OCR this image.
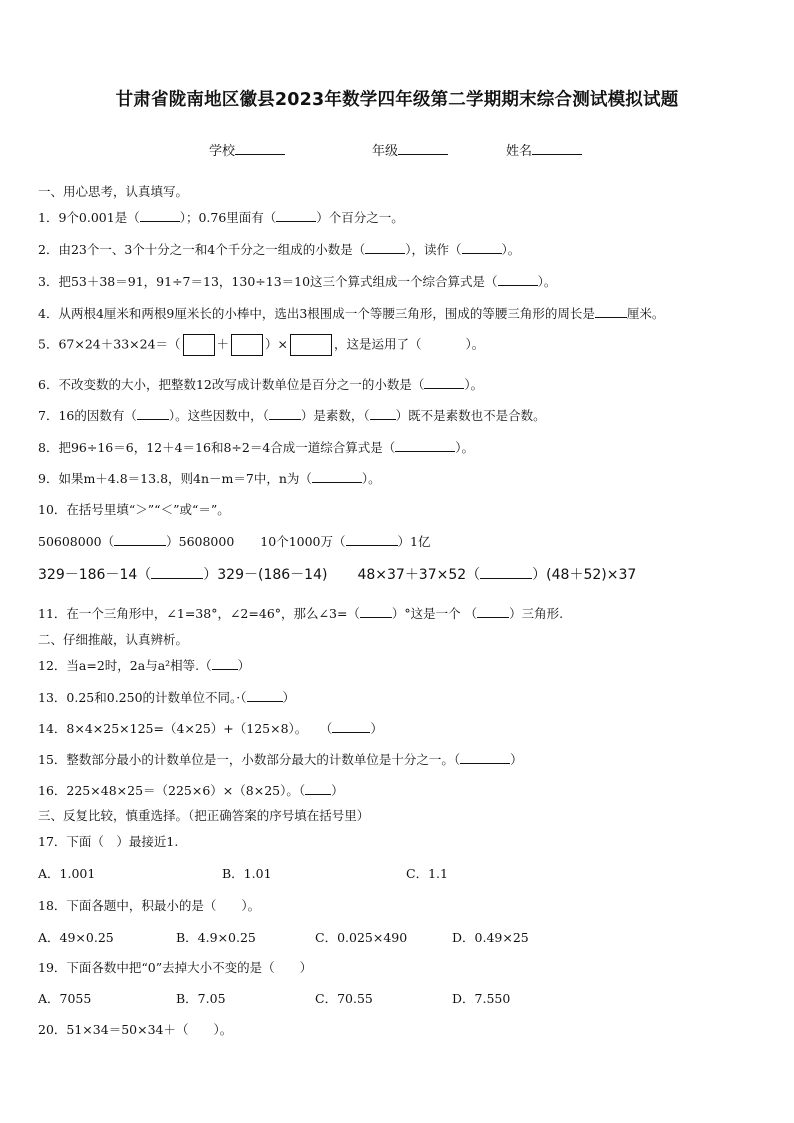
甘肃省陇南地区徽县2023年数学四年级第二学期期末综合测试模拟试题
学校	年级	姓名
一、用心思考，认真填写。
1．9个0.001是（	）；0.76里面有（	）个百分之一。
2．由23个一、3个十分之一和4个千分之一组成的小数是（	），读作（	）。
3．把53＋38＝91，91÷7＝13，130÷13＝10这三个算式组成一个综合算式是（	）。
4．从两根4厘米和两根9厘米长的小棒中，选出3根围成一个等腰三角形，围成的等腰三角形的周长是	厘米。
5．67×24＋33×24＝（	＋	）×	，这是运用了（	）。
6．不改变数的大小，把整数12改写成计数单位是百分之一的小数是（	）。
7．16的因数有（	）。这些因数中，（	）是素数，（ ）既不是素数也不是合数。
8．把96÷16＝6，12＋4＝16和8÷2＝4合成一道综合算式是（	）。
9．如果m＋4.8＝13.8，则4n－m＝7中，n为（	）。
10．在括号里填“＞”“＜”或“＝”。
50608000（	）5608000 10个1000万（	）1亿
329－186－14（	）329－(186－14) 48×37＋37×52（	）(48＋52)×37
11．在一个三角形中，∠1=38°，∠2=46°，那么∠3=（	）°这是一个 （	）三角形.
二、仔细推敲，认真辨析。
12．当a=2时，2a与a²相等.（ ）
13．0.25和0.250的计数单位不同。·（	）
14．8×4×25×125=（4×25）+（125×8）。　　（	）
15．整数部分最小的计数单位是一，小数部分最大的计数单位是十分之一。（	）
16．225×48×25＝（225×6）×（8×25）。（ ）
三、反复比较，慎重选择。（把正确答案的序号填在括号里）
17．下面（　）最接近1.
A．1.001	B．1.01	C．1.1
18．下面各题中，积最小的是（　　）。
A．49×0.25	B．4.9×0.25	C．0.025×490	D．0.49×25
19．下面各数中把“0”去掉大小不变的是（　　）
A．7055	B．7.05	C．70.55	D．7.550
20．51×34＝50×34＋（　　）。
